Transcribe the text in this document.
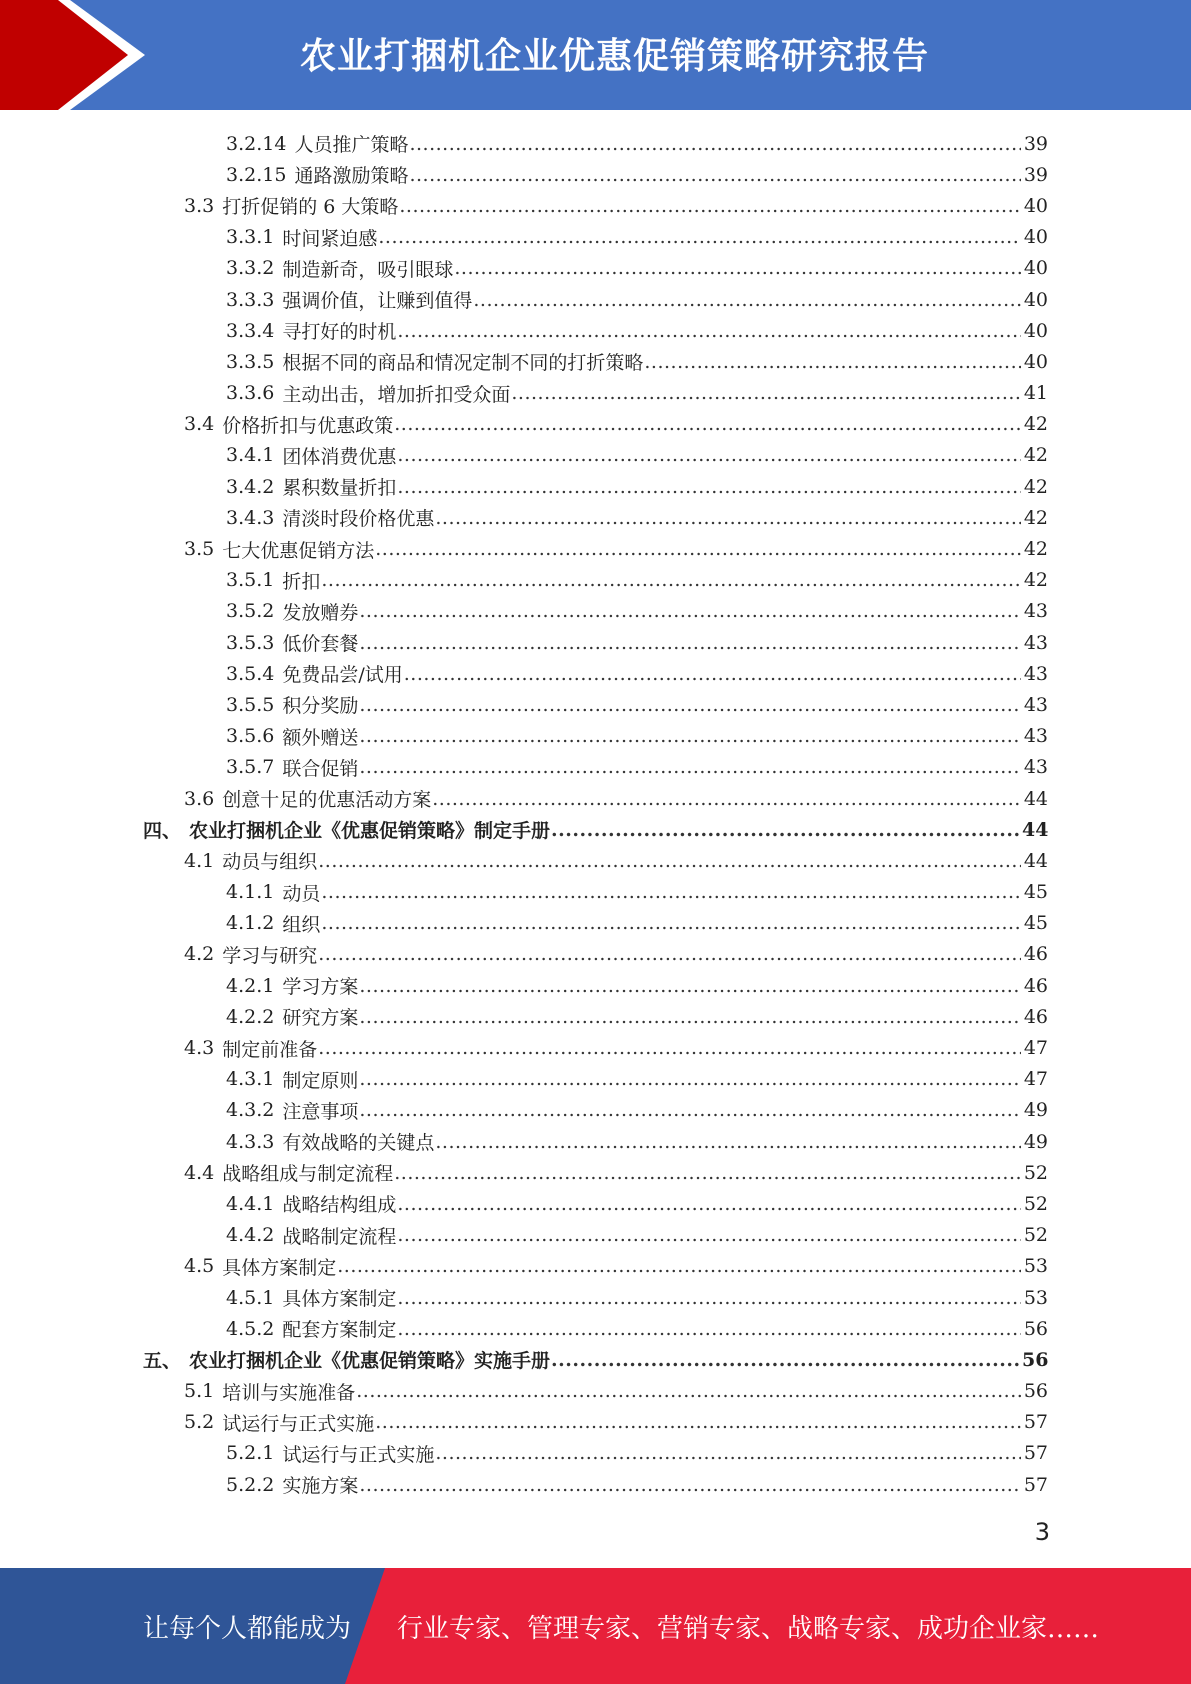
农业打捆机企业优惠促销策略研究报告
3.2.14 人员推广策略 .....	39
3.2.15 通路激励策略 .....	39
3.3 打折促销的 6 大策略 .....	40
3.3.1 时间紧迫感 .....	40
3.3.2 制造新奇，吸引眼球 .....	40
3.3.3 强调价值，让赚到值得 .....	40
3.3.4 寻打好的时机 .....	40
3.3.5 根据不同的商品和情况定制不同的打折策略 .....	40
3.3.6 主动出击，增加折扣受众面 .....	41
3.4 价格折扣与优惠政策 .....	42
3.4.1 团体消费优惠 .....	42
3.4.2 累积数量折扣 .....	42
3.4.3 清淡时段价格优惠 .....	42
3.5 七大优惠促销方法 .....	42
3.5.1 折扣 .....	42
3.5.2 发放赠券 .....	43
3.5.3 低价套餐 .....	43
3.5.4 免费品尝/试用 .....	43
3.5.5 积分奖励 .....	43
3.5.6 额外赠送 .....	43
3.5.7 联合促销 .....	43
3.6 创意十足的优惠活动方案 .....	44
四、 农业打捆机企业《优惠促销策略》制定手册 .....	44
4.1 动员与组织 .....	44
4.1.1 动员 .....	45
4.1.2 组织 .....	45
4.2 学习与研究 .....	46
4.2.1 学习方案 .....	46
4.2.2 研究方案 .....	46
4.3 制定前准备 .....	47
4.3.1 制定原则 .....	47
4.3.2 注意事项 .....	49
4.3.3 有效战略的关键点 .....	49
4.4 战略组成与制定流程 .....	52
4.4.1 战略结构组成 .....	52
4.4.2 战略制定流程 .....	52
4.5 具体方案制定 .....	53
4.5.1 具体方案制定 .....	53
4.5.2 配套方案制定 .....	56
五、 农业打捆机企业《优惠促销策略》实施手册 .....	56
5.1 培训与实施准备 .....	56
5.2 试运行与正式实施 .....	57
5.2.1 试运行与正式实施 .....	57
5.2.2 实施方案 .....	57
3
让每个人都能成为 行业专家、管理专家、营销专家、战略专家、成功企业家……
